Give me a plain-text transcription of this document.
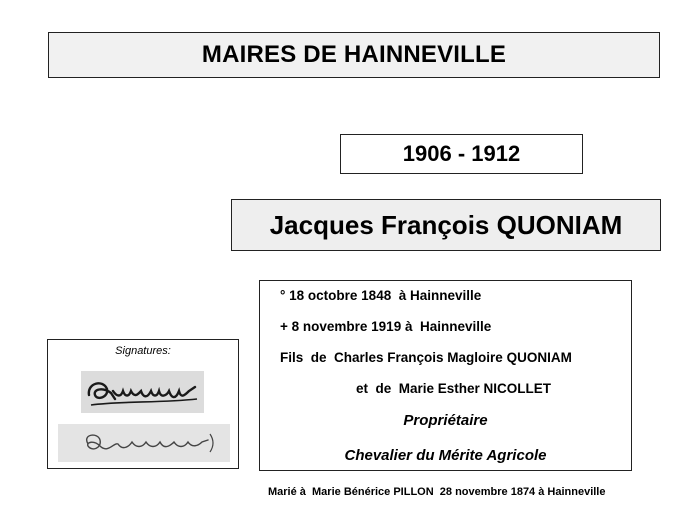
MAIRES DE HAINNEVILLE
1906 - 1912
Jacques François QUONIAM
Signatures:
° 18 octobre 1848  à Hainneville
+ 8 novembre 1919 à  Hainneville
Fils  de  Charles François Magloire QUONIAM
et  de  Marie Esther NICOLLET
Propriétaire
Chevalier du Mérite Agricole
Marié à  Marie Bénérice PILLON  28 novembre 1874 à Hainneville
